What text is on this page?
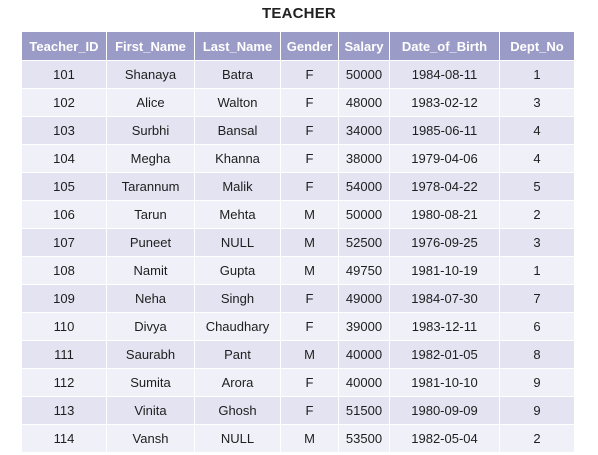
TEACHER
Teacher_ID	First_Name	Last_Name	Gender	Salary	Date_of_Birth	Dept_No
101	Shanaya	Batra	F	50000	1984-08-11	1
102	Alice	Walton	F	48000	1983-02-12	3
103	Surbhi	Bansal	F	34000	1985-06-11	4
104	Megha	Khanna	F	38000	1979-04-06	4
105	Tarannum	Malik	F	54000	1978-04-22	5
106	Tarun	Mehta	M	50000	1980-08-21	2
107	Puneet	NULL	M	52500	1976-09-25	3
108	Namit	Gupta	M	49750	1981-10-19	1
109	Neha	Singh	F	49000	1984-07-30	7
110	Divya	Chaudhary	F	39000	1983-12-11	6
111	Saurabh	Pant	M	40000	1982-01-05	8
112	Sumita	Arora	F	40000	1981-10-10	9
113	Vinita	Ghosh	F	51500	1980-09-09	9
114	Vansh	NULL	M	53500	1982-05-04	2
